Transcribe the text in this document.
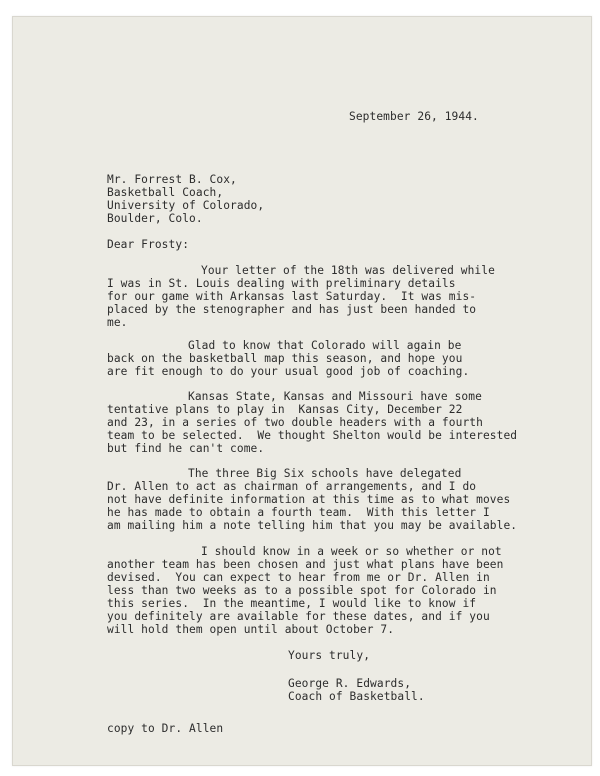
September 26, 1944.
Mr. Forrest B. Cox,
Basketball Coach,
University of Colorado,
Boulder, Colo.
Dear Frosty:
Your letter of the 18th was delivered while
I was in St. Louis dealing with preliminary details
for our game with Arkansas last Saturday.  It was mis-
placed by the stenographer and has just been handed to
me.
Glad to know that Colorado will again be
back on the basketball map this season, and hope you
are fit enough to do your usual good job of coaching.
Kansas State, Kansas and Missouri have some
tentative plans to play in  Kansas City, December 22
and 23, in a series of two double headers with a fourth
team to be selected.  We thought Shelton would be interested
but find he can't come.
The three Big Six schools have delegated
Dr. Allen to act as chairman of arrangements, and I do
not have definite information at this time as to what moves
he has made to obtain a fourth team.  With this letter I
am mailing him a note telling him that you may be available.
I should know in a week or so whether or not
another team has been chosen and just what plans have been
devised.  You can expect to hear from me or Dr. Allen in
less than two weeks as to a possible spot for Colorado in
this series.  In the meantime, I would like to know if
you definitely are available for these dates, and if you
will hold them open until about October 7.
Yours truly,
George R. Edwards,
Coach of Basketball.
copy to Dr. Allen
